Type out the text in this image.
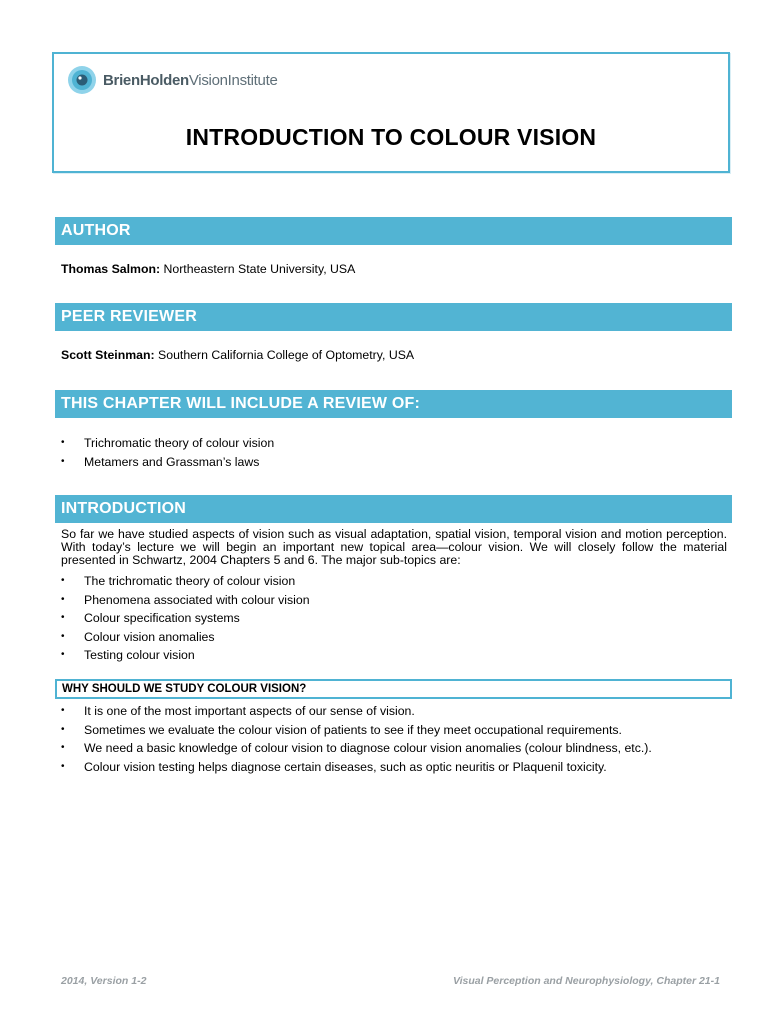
BrienHoldenVisionInstitute
INTRODUCTION TO COLOUR VISION
AUTHOR
Thomas Salmon: Northeastern State University, USA
PEER REVIEWER
Scott Steinman: Southern California College of Optometry, USA
THIS CHAPTER WILL INCLUDE A REVIEW OF:
• Trichromatic theory of colour vision
• Metamers and Grassman’s laws
INTRODUCTION
So far we have studied aspects of vision such as visual adaptation, spatial vision, temporal vision and motion perception. With today’s lecture we will begin an important new topical area—colour vision. We will closely follow the material presented in Schwartz, 2004 Chapters 5 and 6. The major sub-topics are:
• The trichromatic theory of colour vision
• Phenomena associated with colour vision
• Colour specification systems
• Colour vision anomalies
• Testing colour vision
WHY SHOULD WE STUDY COLOUR VISION?
• It is one of the most important aspects of our sense of vision.
• Sometimes we evaluate the colour vision of patients to see if they meet occupational requirements.
• We need a basic knowledge of colour vision to diagnose colour vision anomalies (colour blindness, etc.).
• Colour vision testing helps diagnose certain diseases, such as optic neuritis or Plaquenil toxicity.
2014, Version 1-2	Visual Perception and Neurophysiology, Chapter 21-1
